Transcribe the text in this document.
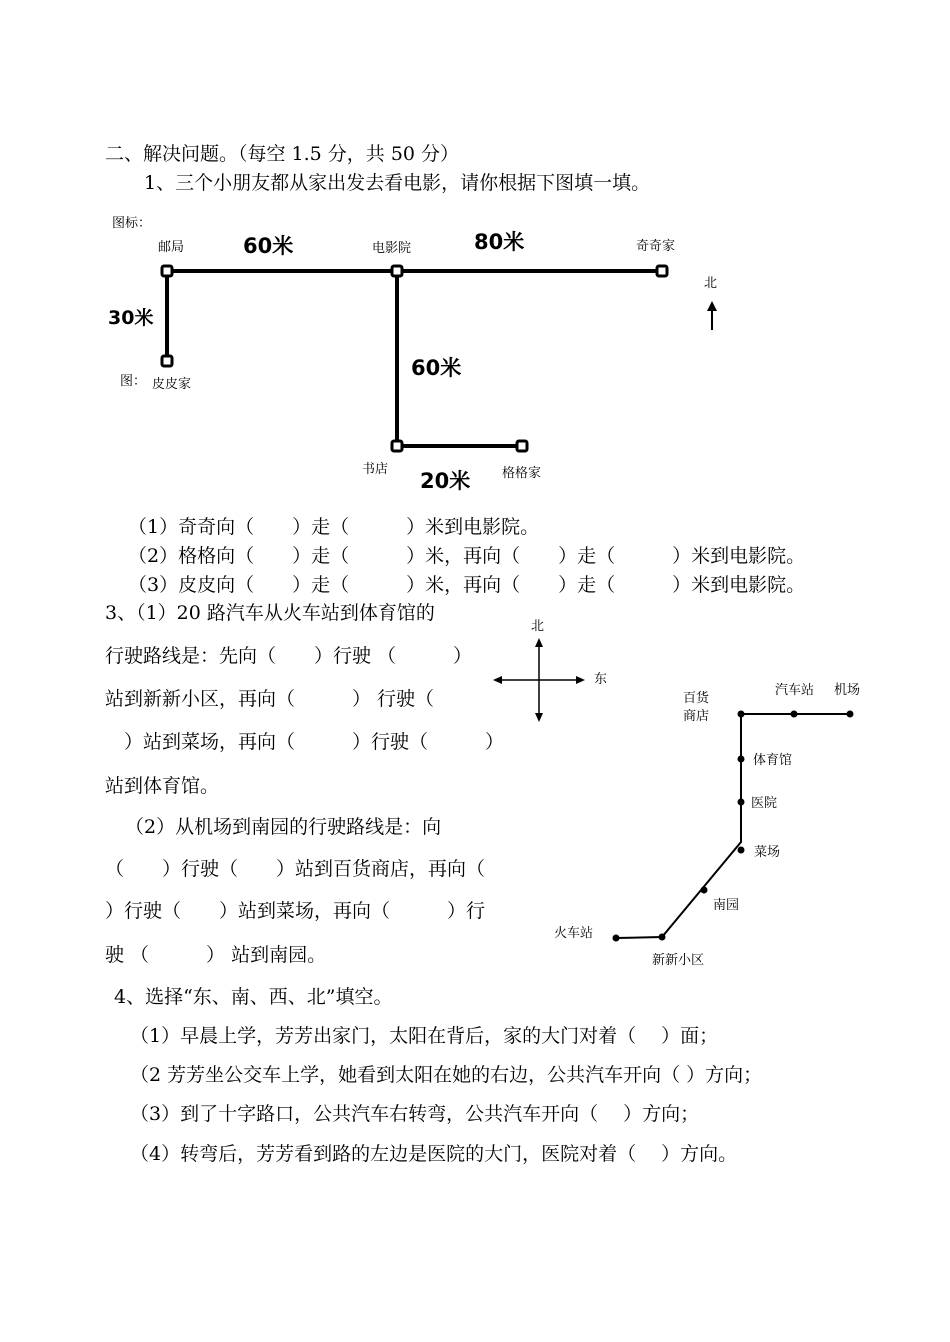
二、解决问题。（每空 1.5 分，共 50 分）
1、三个小朋友都从家出发去看电影，请你根据下图填一填。
图标：
邮局	60米	电影院	80米	奇奇家
30米
60米
图： 皮皮家
书店 20米 格格家
北
（1）奇奇向（　　）走（　　　）米到电影院。
（2）格格向（　　）走（　　　）米，再向（　　）走（　　　）米到电影院。
（3）皮皮向（　　）走（　　　）米，再向（　　）走（　　　）米到电影院。
3、（1）20 路汽车从火车站到体育馆的
行驶路线是：先向（　　）行驶 （　　　）
站到新新小区，再向（　　　） 行驶（
　）站到菜场，再向（　　　）行驶（　　　）
站到体育馆。
（2）从机场到南园的行驶路线是：向
（　　）行驶（　　）站到百货商店，再向（
）行驶（　　）站到菜场，再向（　　　）行
驶 （　　　） 站到南园。
北
东
百货
商店
汽车站 机场
体育馆
医院
菜场
南园
火车站
新新小区
4、选择“东、南、西、北”填空。
（1）早晨上学，芳芳出家门，太阳在背后，家的大门对着（　 ）面；
（2 芳芳坐公交车上学，她看到太阳在她的右边，公共汽车开向（ ）方向；
（3）到了十字路口，公共汽车右转弯，公共汽车开向（　 ）方向；
（4）转弯后，芳芳看到路的左边是医院的大门，医院对着（　 ）方向。
